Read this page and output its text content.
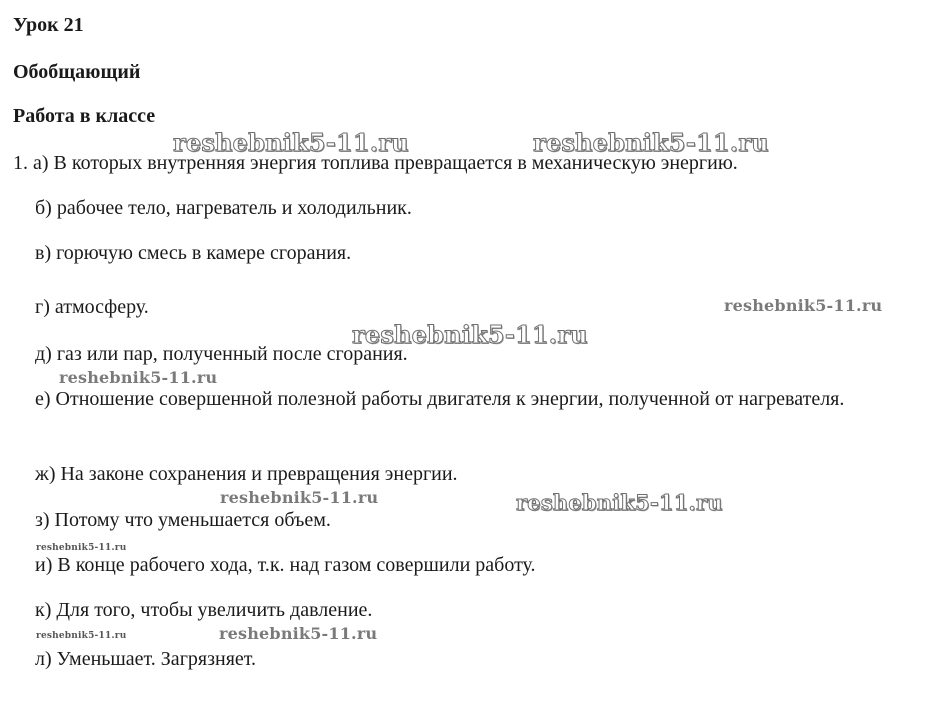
Урок 21
Обобщающий
Работа в классе
1. а) В которых внутренняя энергия топлива превращается в механическую энергию.
б) рабочее тело, нагреватель и холодильник.
в) горючую смесь в камере сгорания.
г) атмосферу.
д) газ или пар, полученный после сгорания.
е) Отношение совершенной полезной работы двигателя к энергии, полученной от нагревателя.
ж) На законе сохранения и превращения энергии.
з) Потому что уменьшается объем.
и) В конце рабочего хода, т.к. над газом совершили работу.
к) Для того, чтобы увеличить давление.
л) Уменьшает. Загрязняет.
reshebnik5-11.ru	reshebnik5-11.ru
reshebnik5-11.ru
reshebnik5-11.ru
reshebnik5-11.ru
reshebnik5-11.ru	reshebnik5-11.ru
reshebnik5-11.ru
reshebnik5-11.ru	reshebnik5-11.ru
